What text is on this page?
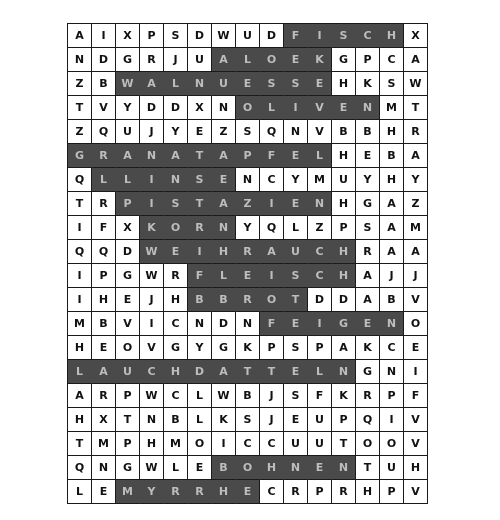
A	I	X	P	S	D	W	U	D	F	I	S	C	H	X
N	D	G	R	J	U	A	L	O	E	K	G	P	C	A
Z	B	W	A	L	N	U	E	S	S	E	H	K	S	W
T	V	Y	D	D	X	N	O	L	I	V	E	N	M	T
Z	Q	U	J	Y	E	Z	S	Q	N	V	B	B	H	R
G	R	A	N	A	T	A	P	F	E	L	H	E	B	A
Q	L	L	I	N	S	E	N	C	Y	M	U	Y	H	Y
T	R	P	I	S	T	A	Z	I	E	N	H	G	A	Z
I	F	X	K	O	R	N	Y	Q	L	Z	P	S	A	M
Q	Q	D	W	E	I	H	R	A	U	C	H	R	A	A
I	P	G	W	R	F	L	E	I	S	C	H	A	J	J
I	H	E	J	H	B	B	R	O	T	D	D	A	B	V
M	B	V	I	C	N	D	N	F	E	I	G	E	N	O
H	E	O	V	G	Y	G	K	P	S	P	A	K	C	E
L	A	U	C	H	D	A	T	T	E	L	N	G	N	I
A	R	P	W	C	L	W	B	J	S	F	K	R	P	F
H	X	T	N	B	L	K	S	J	E	U	P	Q	I	V
T	M	P	H	M	O	I	C	C	U	U	T	O	O	V
Q	N	G	W	L	E	B	O	H	N	E	N	T	U	H
L	E	M	Y	R	R	H	E	C	R	P	R	H	P	V
